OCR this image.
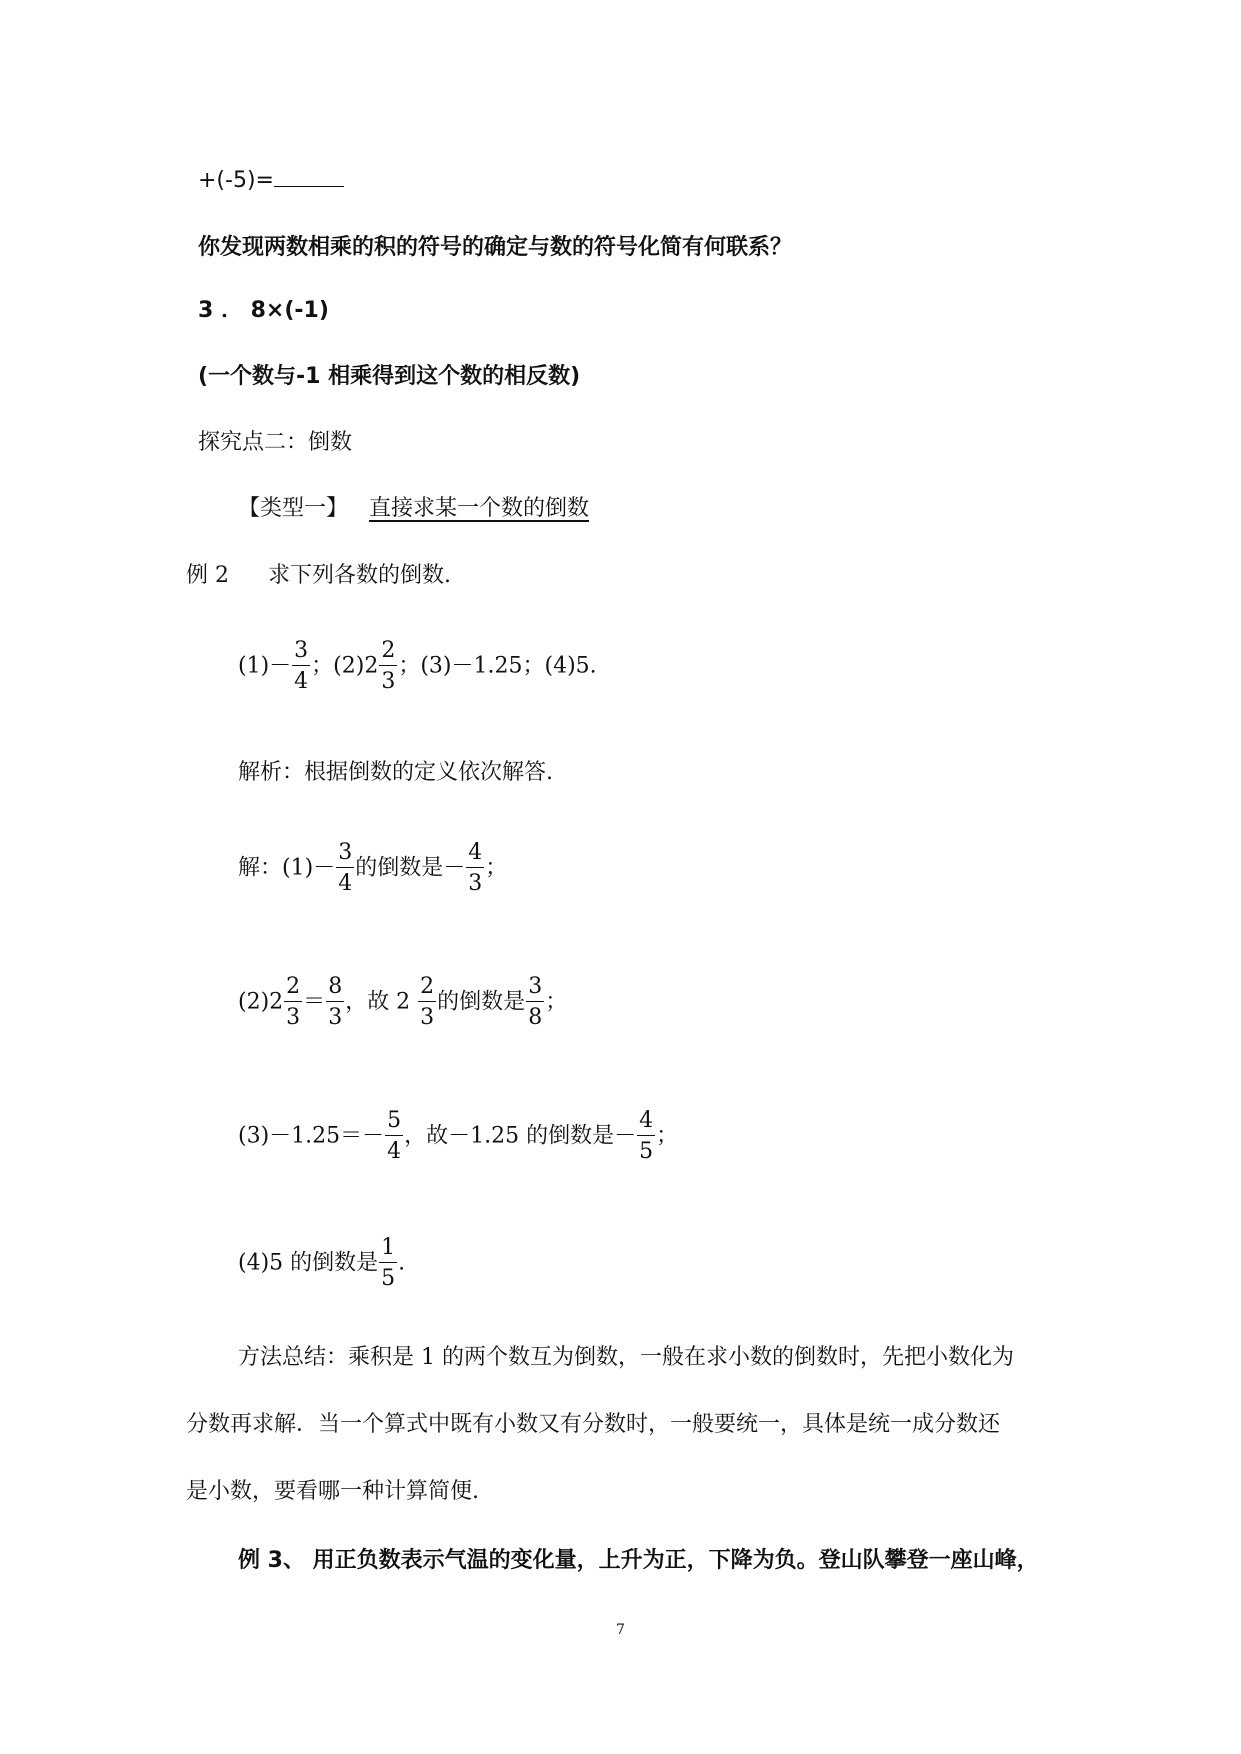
+(-5)=
你发现两数相乘的积的符号的确定与数的符号化简有何联系？
3 ． 8×(-1)
(一个数与-1 相乘得到这个数的相反数)
探究点二：倒数
【类型一】 直接求某一个数的倒数
例 2 求下列各数的倒数.
$(1)- \frac{3}{4}$ ；$(2)2 \frac{2}{3}$ ；(3)－1.25；(4)5.
解析：根据倒数的定义依次解答.
解：$(1)- \frac{3}{4}$ 的倒数是－ $\frac{4}{3}$ ；
$(2)2 \frac{2}{3} = \frac{8}{3}$ ，故 $2 \frac{2}{3}$ 的倒数是 $\frac{3}{8}$ ；
$(3)-1.25=- \frac{5}{4}$ ，故－1.25 的倒数是－ $\frac{4}{5}$ ；
(4)5 的倒数是 $\frac{1}{5}$ .
方法总结：乘积是 1 的两个数互为倒数，一般在求小数的倒数时，先把小数化为
分数再求解．当一个算式中既有小数又有分数时，一般要统一，具体是统一成分数还
是小数，要看哪一种计算简便.
例 3、 用正负数表示气温的变化量，上升为正，下降为负。登山队攀登一座山峰，
7
